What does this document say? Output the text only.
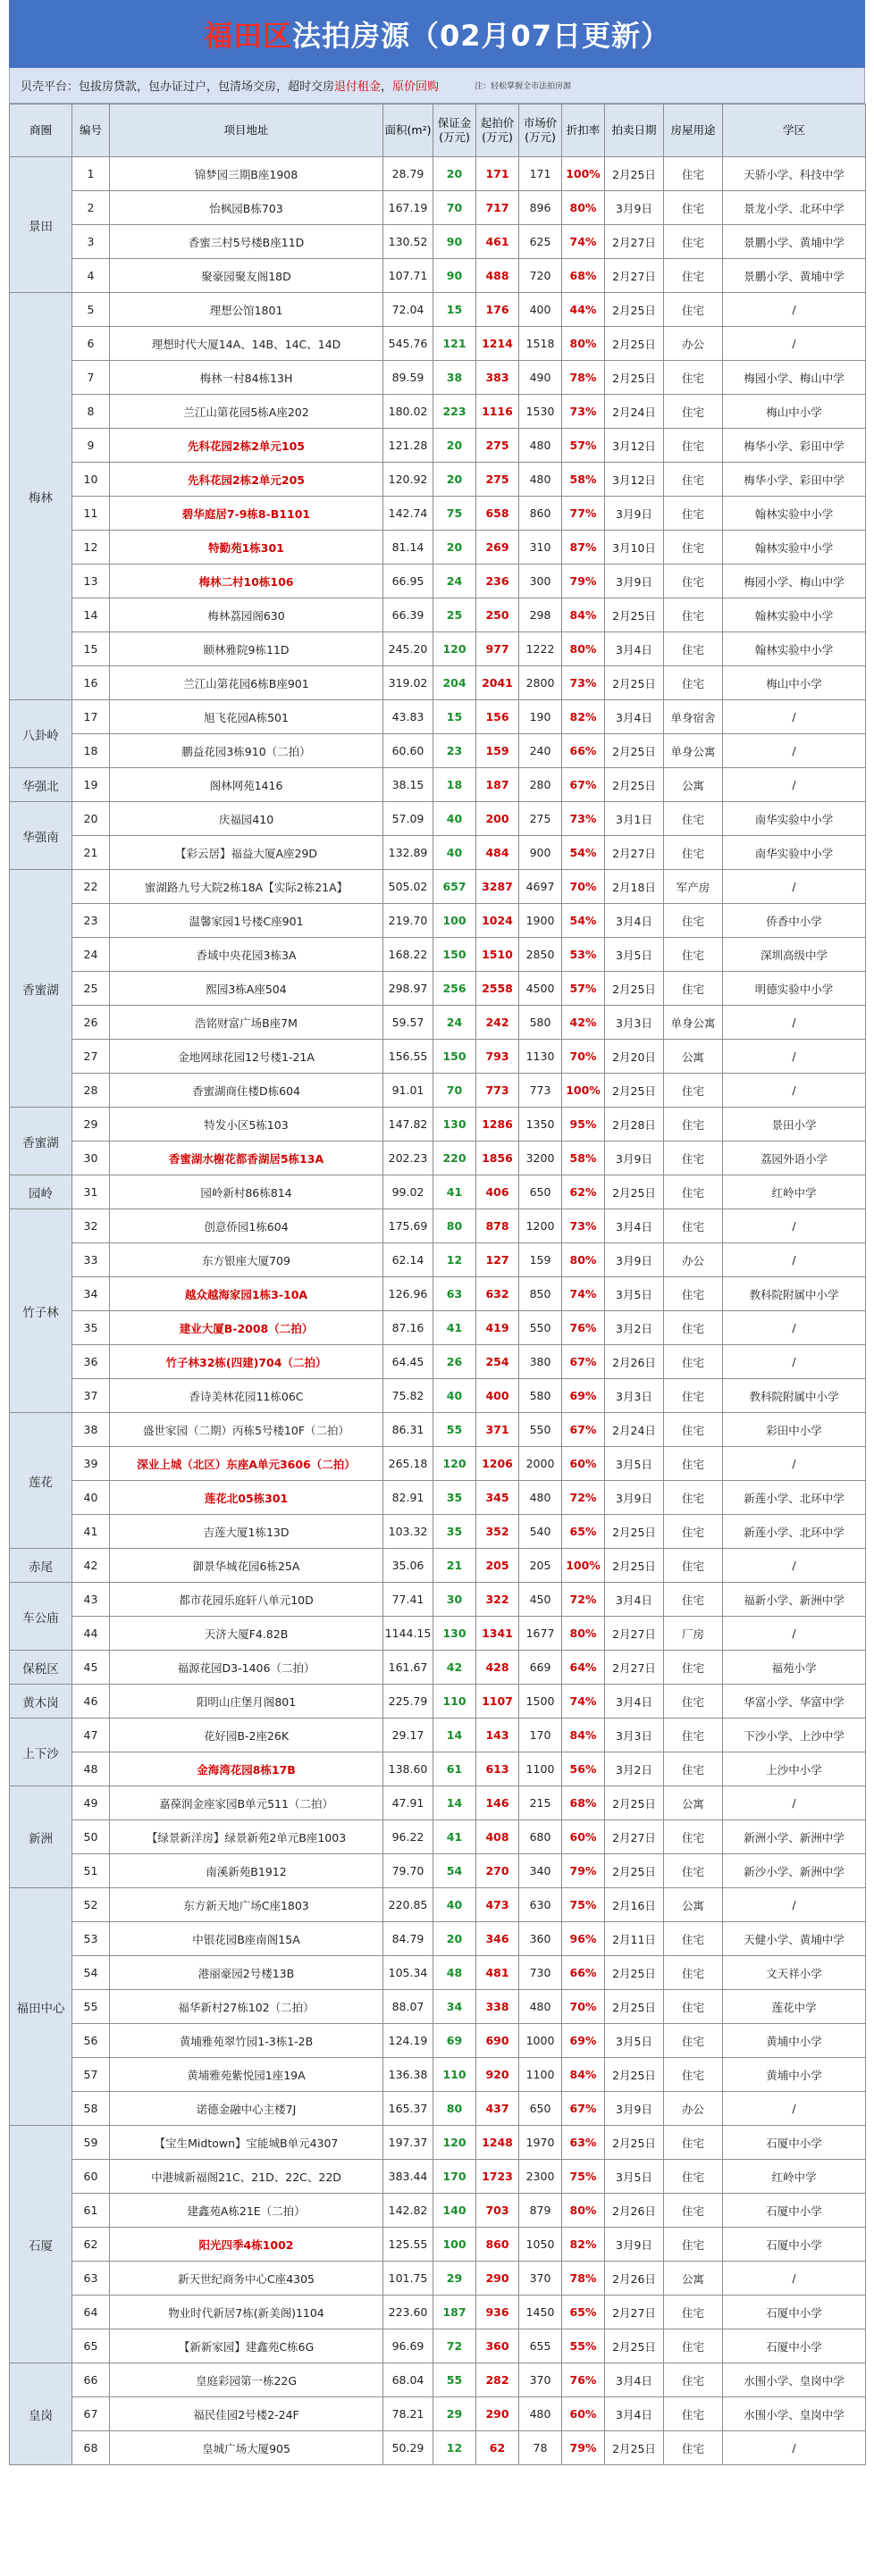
福田区 法拍房源 （02月07日更新）
贝壳平台：包拔房贷款，包办证过户，包清场交房，超时交房 退付租金 ， 原价回购	注：轻松掌握全市法拍房源
商圈	编号	项目地址	面积(m²)	保证金(万元)	起拍价(万元)	市场价(万元)	折扣率	拍卖日期	房屋用途	学区
景田	1	锦梦园三期B座1908	28.79	20	171	171	100%	2月25日	住宅	天骄小学、科技中学
	2	怡枫园B栋703	167.19	70	717	896	80%	3月9日	住宅	景龙小学、北环中学
	3	香蜜三村5号楼B座11D	130.52	90	461	625	74%	2月27日	住宅	景鹏小学、黄埔中学
	4	聚豪园聚友阁18D	107.71	90	488	720	68%	2月27日	住宅	景鹏小学、黄埔中学
梅林	5	理想公馆1801	72.04	15	176	400	44%	2月25日	住宅	/
	6	理想时代大厦14A、14B、14C、14D	545.76	121	1214	1518	80%	2月25日	办公	/
	7	梅林一村84栋13H	89.59	38	383	490	78%	2月25日	住宅	梅园小学、梅山中学
	8	兰江山第花园5栋A座202	180.02	223	1116	1530	73%	2月24日	住宅	梅山中小学
	9	先科花园2栋2单元105	121.28	20	275	480	57%	3月12日	住宅	梅华小学、彩田中学
	10	先科花园2栋2单元205	120.92	20	275	480	58%	3月12日	住宅	梅华小学、彩田中学
	11	碧华庭居7-9栋8-B1101	142.74	75	658	860	77%	3月9日	住宅	翰林实验中小学
	12	特勤苑1栋301	81.14	20	269	310	87%	3月10日	住宅	翰林实验中小学
	13	梅林二村10栋106	66.95	24	236	300	79%	3月9日	住宅	梅园小学、梅山中学
	14	梅林荔园阁630	66.39	25	250	298	84%	2月25日	住宅	翰林实验中小学
	15	颐林雅院9栋11D	245.20	120	977	1222	80%	3月4日	住宅	翰林实验中小学
	16	兰江山第花园6栋B座901	319.02	204	2041	2800	73%	2月25日	住宅	梅山中小学
八卦岭	17	旭飞花园A栋501	43.83	15	156	190	82%	3月4日	单身宿舍	/
	18	鹏益花园3栋910（二拍）	60.60	23	159	240	66%	2月25日	单身公寓	/
华强北	19	阁林网苑1416	38.15	18	187	280	67%	2月25日	公寓	/
华强南	20	庆福园410	57.09	40	200	275	73%	3月1日	住宅	南华实验中小学
	21	【彩云居】福益大厦A座29D	132.89	40	484	900	54%	2月27日	住宅	南华实验中小学
香蜜湖	22	蜜湖路九号大院2栋18A【实际2栋21A】	505.02	657	3287	4697	70%	2月18日	军产房	/
	23	温馨家园1号楼C座901	219.70	100	1024	1900	54%	3月4日	住宅	侨香中小学
	24	香域中央花园3栋3A	168.22	150	1510	2850	53%	3月5日	住宅	深圳高级中学
	25	熙园3栋A座504	298.97	256	2558	4500	57%	2月25日	住宅	明德实验中小学
	26	浩铭财富广场B座7M	59.57	24	242	580	42%	3月3日	单身公寓	/
	27	金地网球花园12号楼1-21A	156.55	150	793	1130	70%	2月20日	公寓	/
	28	香蜜湖商住楼D栋604	91.01	70	773	773	100%	2月25日	住宅	/
香蜜湖	29	特发小区5栋103	147.82	130	1286	1350	95%	2月28日	住宅	景田小学
	30	香蜜湖水榭花都香湖居5栋13A	202.23	220	1856	3200	58%	3月9日	住宅	荔园外语小学
园岭	31	园岭新村86栋814	99.02	41	406	650	62%	2月25日	住宅	红岭中学
竹子林	32	创意侨园1栋604	175.69	80	878	1200	73%	3月4日	住宅	/
	33	东方银座大厦709	62.14	12	127	159	80%	3月9日	办公	/
	34	越众越海家园1栋3-10A	126.96	63	632	850	74%	3月5日	住宅	教科院附属中小学
	35	建业大厦B-2008（二拍）	87.16	41	419	550	76%	3月2日	住宅	/
	36	竹子林32栋(四建)704（二拍）	64.45	26	254	380	67%	2月26日	住宅	/
	37	香诗美林花园11栋06C	75.82	40	400	580	69%	3月3日	住宅	教科院附属中小学
莲花	38	盛世家园（二期）丙栋5号楼10F（二拍）	86.31	55	371	550	67%	2月24日	住宅	彩田中小学
	39	深业上城（北区）东座A单元3606（二拍）	265.18	120	1206	2000	60%	3月5日	住宅	/
	40	莲花北05栋301	82.91	35	345	480	72%	3月9日	住宅	新莲小学、北环中学
	41	吉莲大厦1栋13D	103.32	35	352	540	65%	2月25日	住宅	新莲小学、北环中学
赤尾	42	御景华城花园6栋25A	35.06	21	205	205	100%	2月25日	住宅	/
车公庙	43	都市花园乐庭轩八单元10D	77.41	30	322	450	72%	3月4日	住宅	福新小学、新洲中学
	44	天济大厦F4.82B	1144.15	130	1341	1677	80%	2月27日	厂房	/
保税区	45	福源花园D3-1406（二拍）	161.67	42	428	669	64%	2月27日	住宅	福苑小学
黄木岗	46	阳明山庄堡月阁801	225.79	110	1107	1500	74%	3月4日	住宅	华富小学、华富中学
上下沙	47	花好园B-2座26K	29.17	14	143	170	84%	3月3日	住宅	下沙小学、上沙中学
	48	金海湾花园8栋17B	138.60	61	613	1100	56%	3月2日	住宅	上沙中小学
新洲	49	嘉葆润金座家园B单元511（二拍）	47.91	14	146	215	68%	2月25日	公寓	/
	50	【绿景新洋房】绿景新苑2单元B座1003	96.22	41	408	680	60%	2月27日	住宅	新洲小学、新洲中学
	51	南溪新苑B1912	79.70	54	270	340	79%	2月25日	住宅	新沙小学、新洲中学
福田中心	52	东方新天地广场C座1803	220.85	40	473	630	75%	2月16日	公寓	/
	53	中银花园B座南阁15A	84.79	20	346	360	96%	2月11日	住宅	天健小学、黄埔中学
	54	港丽豪园2号楼13B	105.34	48	481	730	66%	2月25日	住宅	文天祥小学
	55	福华新村27栋102（二拍）	88.07	34	338	480	70%	2月25日	住宅	莲花中学
	56	黄埔雅苑翠竹园1-3栋1-2B	124.19	69	690	1000	69%	3月5日	住宅	黄埔中小学
	57	黄埔雅苑紫悦园1座19A	136.38	110	920	1100	84%	2月25日	住宅	黄埔中小学
	58	诺德金融中心主楼7J	165.37	80	437	650	67%	3月9日	办公	/
石厦	59	【宝生Midtown】宝能城B单元4307	197.37	120	1248	1970	63%	2月25日	住宅	石厦中小学
	60	中港城新福阁21C、21D、22C、22D	383.44	170	1723	2300	75%	3月5日	住宅	红岭中学
	61	建鑫苑A栋21E（二拍）	142.82	140	703	879	80%	2月26日	住宅	石厦中小学
	62	阳光四季4栋1002	125.55	100	860	1050	82%	3月9日	住宅	石厦中小学
	63	新天世纪商务中心C座4305	101.75	29	290	370	78%	2月26日	公寓	/
	64	物业时代新居7栋(新美阁)1104	223.60	187	936	1450	65%	2月27日	住宅	石厦中小学
	65	【新新家园】建鑫苑C栋6G	96.69	72	360	655	55%	2月25日	住宅	石厦中小学
皇岗	66	皇庭彩园第一栋22G	68.04	55	282	370	76%	3月4日	住宅	水围小学、皇岗中学
	67	福民佳园2号楼2-24F	78.21	29	290	480	60%	3月4日	住宅	水围小学、皇岗中学
	68	皇城广场大厦905	50.29	12	62	78	79%	2月25日	住宅	/
